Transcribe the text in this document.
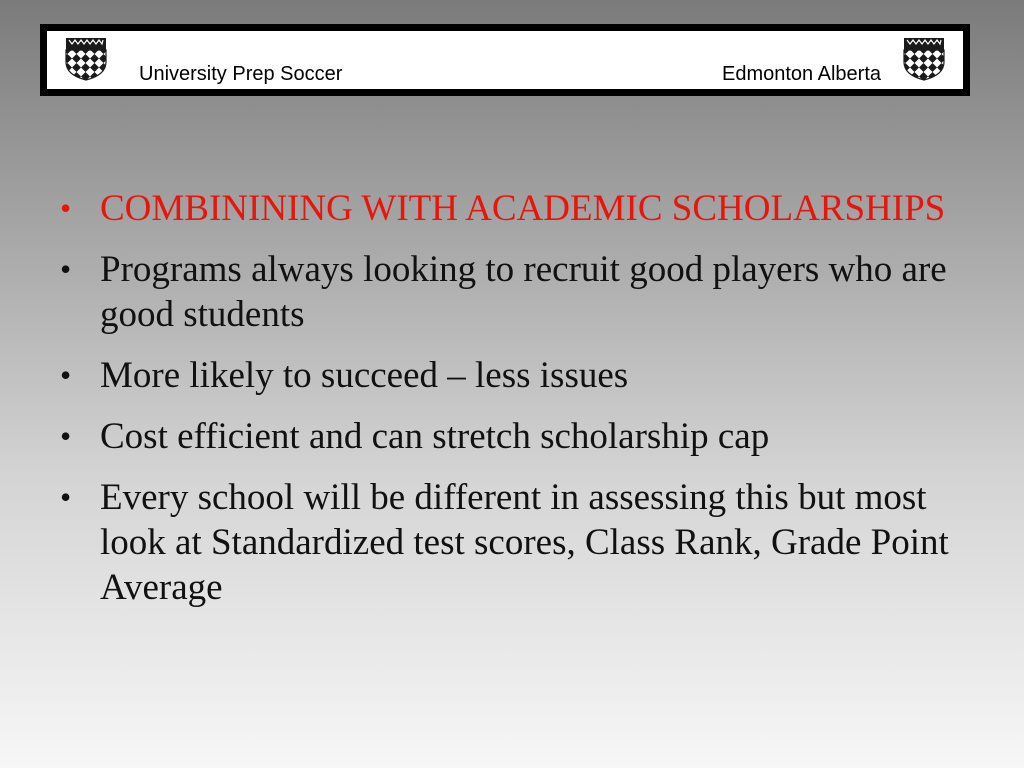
University Prep Soccer	Edmonton Alberta
• COMBININING WITH ACADEMIC SCHOLARSHIPS
• Programs always looking to recruit good players who are good students
• More likely to succeed – less issues
• Cost efficient and can stretch scholarship cap
• Every school will be different in assessing this but most look at Standardized test scores, Class Rank, Grade Point Average
